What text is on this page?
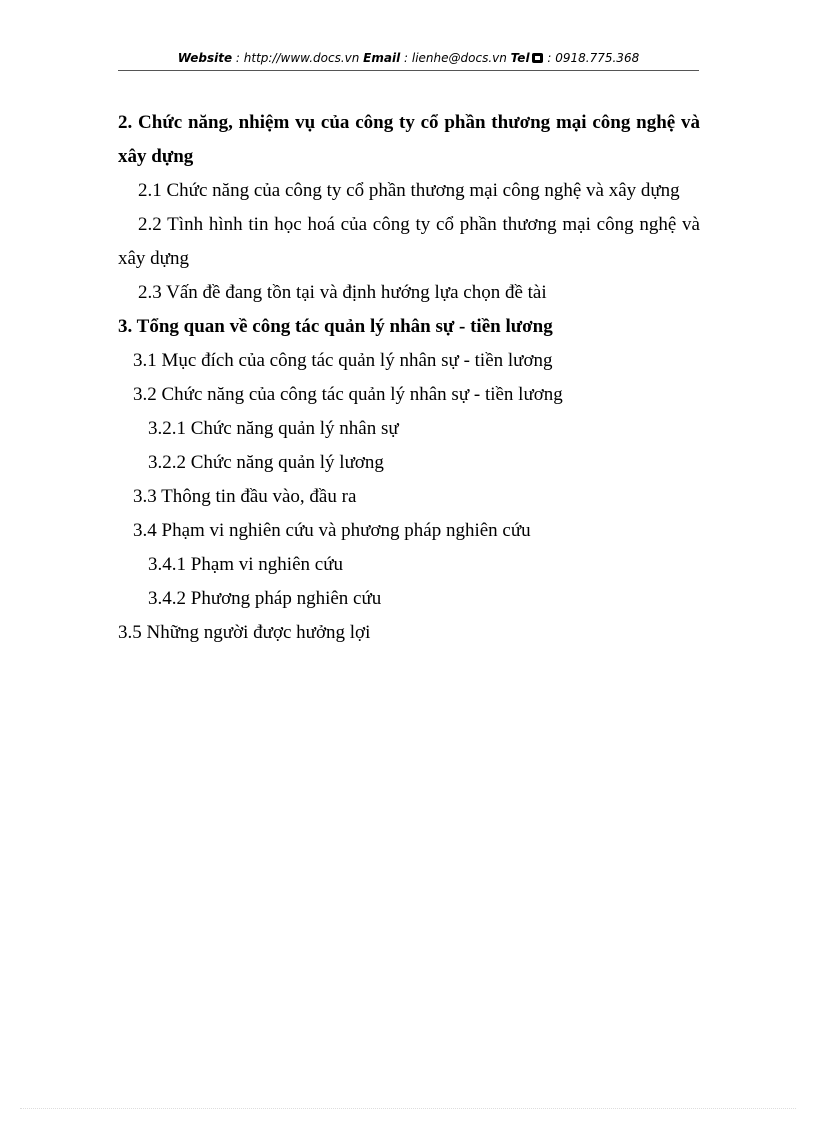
Website : http://www.docs.vn Email : lienhe@docs.vn Tel : 0918.775.368
2. Chức năng, nhiệm vụ của công ty cổ phần thương mại công nghệ và xây dựng
2.1 Chức năng của công ty cổ phần thương mại công nghệ và xây dựng
2.2 Tình hình tin học hoá của công ty cổ phần thương mại công nghệ và xây dựng
2.3 Vấn đề đang tồn tại và định hướng lựa chọn đề tài
3. Tổng quan về công tác quản lý nhân sự - tiền lương
3.1 Mục đích của công tác quản lý nhân sự - tiền lương
3.2 Chức năng của công tác quản lý nhân sự - tiền lương
3.2.1 Chức năng quản lý nhân sự
3.2.2 Chức năng quản lý lương
3.3 Thông tin đầu vào, đầu ra
3.4 Phạm vi nghiên cứu và phương pháp nghiên cứu
3.4.1 Phạm vi nghiên cứu
3.4.2 Phương pháp nghiên cứu
3.5 Những người được hưởng lợi
